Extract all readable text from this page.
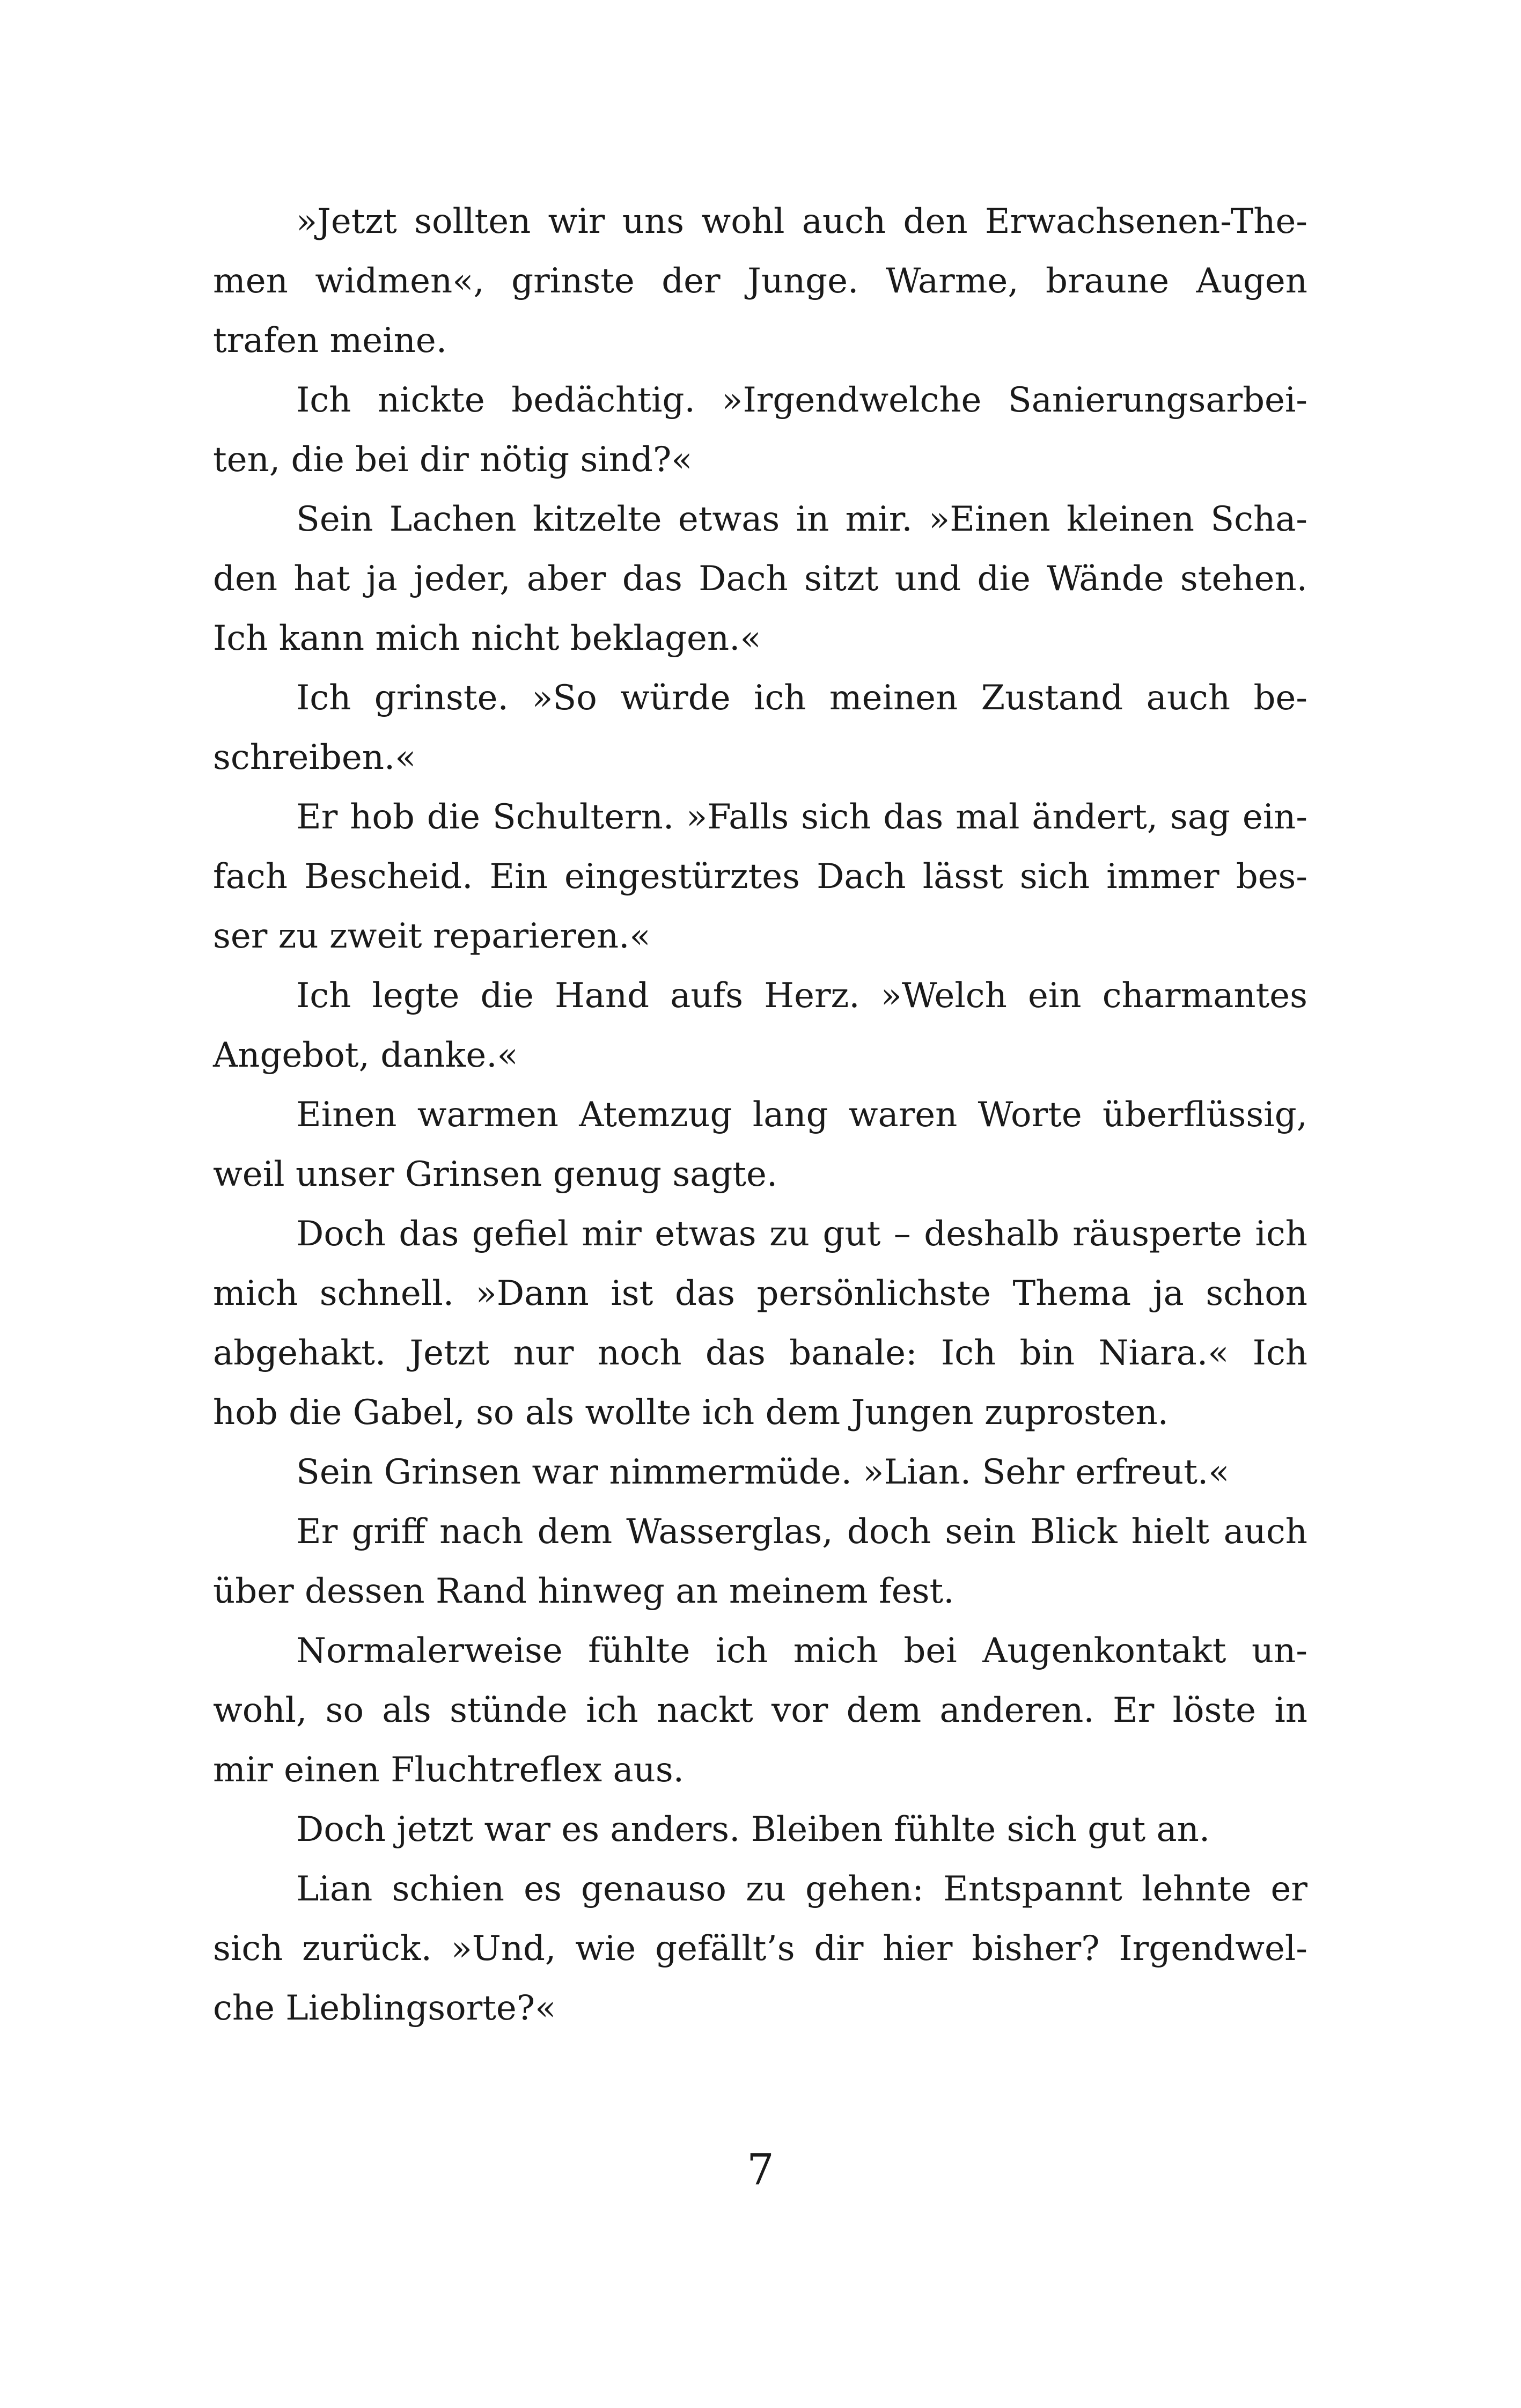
»Jetzt sollten wir uns wohl auch den Erwachsenen-The-
men widmen«, grinste der Junge. Warme, braune Augen
trafen meine.
Ich nickte bedächtig. »Irgendwelche Sanierungsarbei-
ten, die bei dir nötig sind?«
Sein Lachen kitzelte etwas in mir. »Einen kleinen Scha-
den hat ja jeder, aber das Dach sitzt und die Wände stehen.
Ich kann mich nicht beklagen.«
Ich grinste. »So würde ich meinen Zustand auch be-
schreiben.«
Er hob die Schultern. »Falls sich das mal ändert, sag ein-
fach Bescheid. Ein eingestürztes Dach lässt sich immer bes-
ser zu zweit reparieren.«
Ich legte die Hand aufs Herz. »Welch ein charmantes
Angebot, danke.«
Einen warmen Atemzug lang waren Worte überflüssig,
weil unser Grinsen genug sagte.
Doch das gefiel mir etwas zu gut – deshalb räusperte ich
mich schnell. »Dann ist das persönlichste Thema ja schon
abgehakt. Jetzt nur noch das banale: Ich bin Niara.« Ich
hob die Gabel, so als wollte ich dem Jungen zuprosten.
Sein Grinsen war nimmermüde. »Lian. Sehr erfreut.«
Er griff nach dem Wasserglas, doch sein Blick hielt auch
über dessen Rand hinweg an meinem fest.
Normalerweise fühlte ich mich bei Augenkontakt un-
wohl, so als stünde ich nackt vor dem anderen. Er löste in
mir einen Fluchtreflex aus.
Doch jetzt war es anders. Bleiben fühlte sich gut an.
Lian schien es genauso zu gehen: Entspannt lehnte er
sich zurück. »Und, wie gefällt’s dir hier bisher? Irgendwel-
che Lieblingsorte?«
7
